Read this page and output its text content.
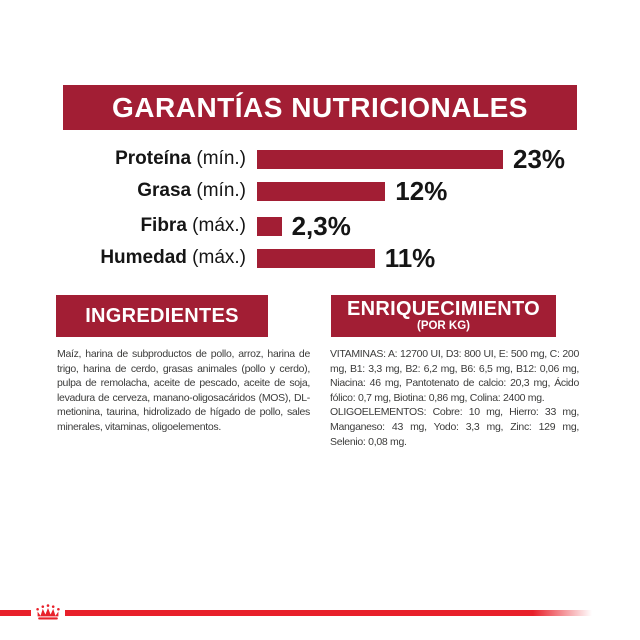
GARANTÍAS NUTRICIONALES
Proteína (mín.)	23%
Grasa (mín.)	12%
Fibra (máx.) 2,3%
Humedad (máx.)	11%
INGREDIENTES	ENRIQUECIMIENTO
(POR KG)

Maíz, harina de subproductos de pollo, arroz, harina de trigo, harina de cerdo, grasas animales (pollo y cerdo), pulpa de remolacha, aceite de pescado, aceite de soja, levadura de cerveza, manano-oligosacáridos (MOS), DL-metionina, taurina, hidrolizado de hígado de pollo, sales minerales, vitaminas, oligoelementos.

VITAMINAS: A: 12700 UI, D3: 800 UI, E: 500 mg, C: 200 mg, B1: 3,3 mg, B2: 6,2 mg, B6: 6,5 mg, B12: 0,06 mg, Niacina: 46 mg, Pantotenato de calcio: 20,3 mg, Ácido fólico: 0,7 mg, Biotina: 0,86 mg, Colina: 2400 mg.

OLIGOELEMENTOS: Cobre: 10 mg, Hierro: 33 mg, Manganeso: 43 mg, Yodo: 3,3 mg, Zinc: 129 mg, Selenio: 0,08 mg.
